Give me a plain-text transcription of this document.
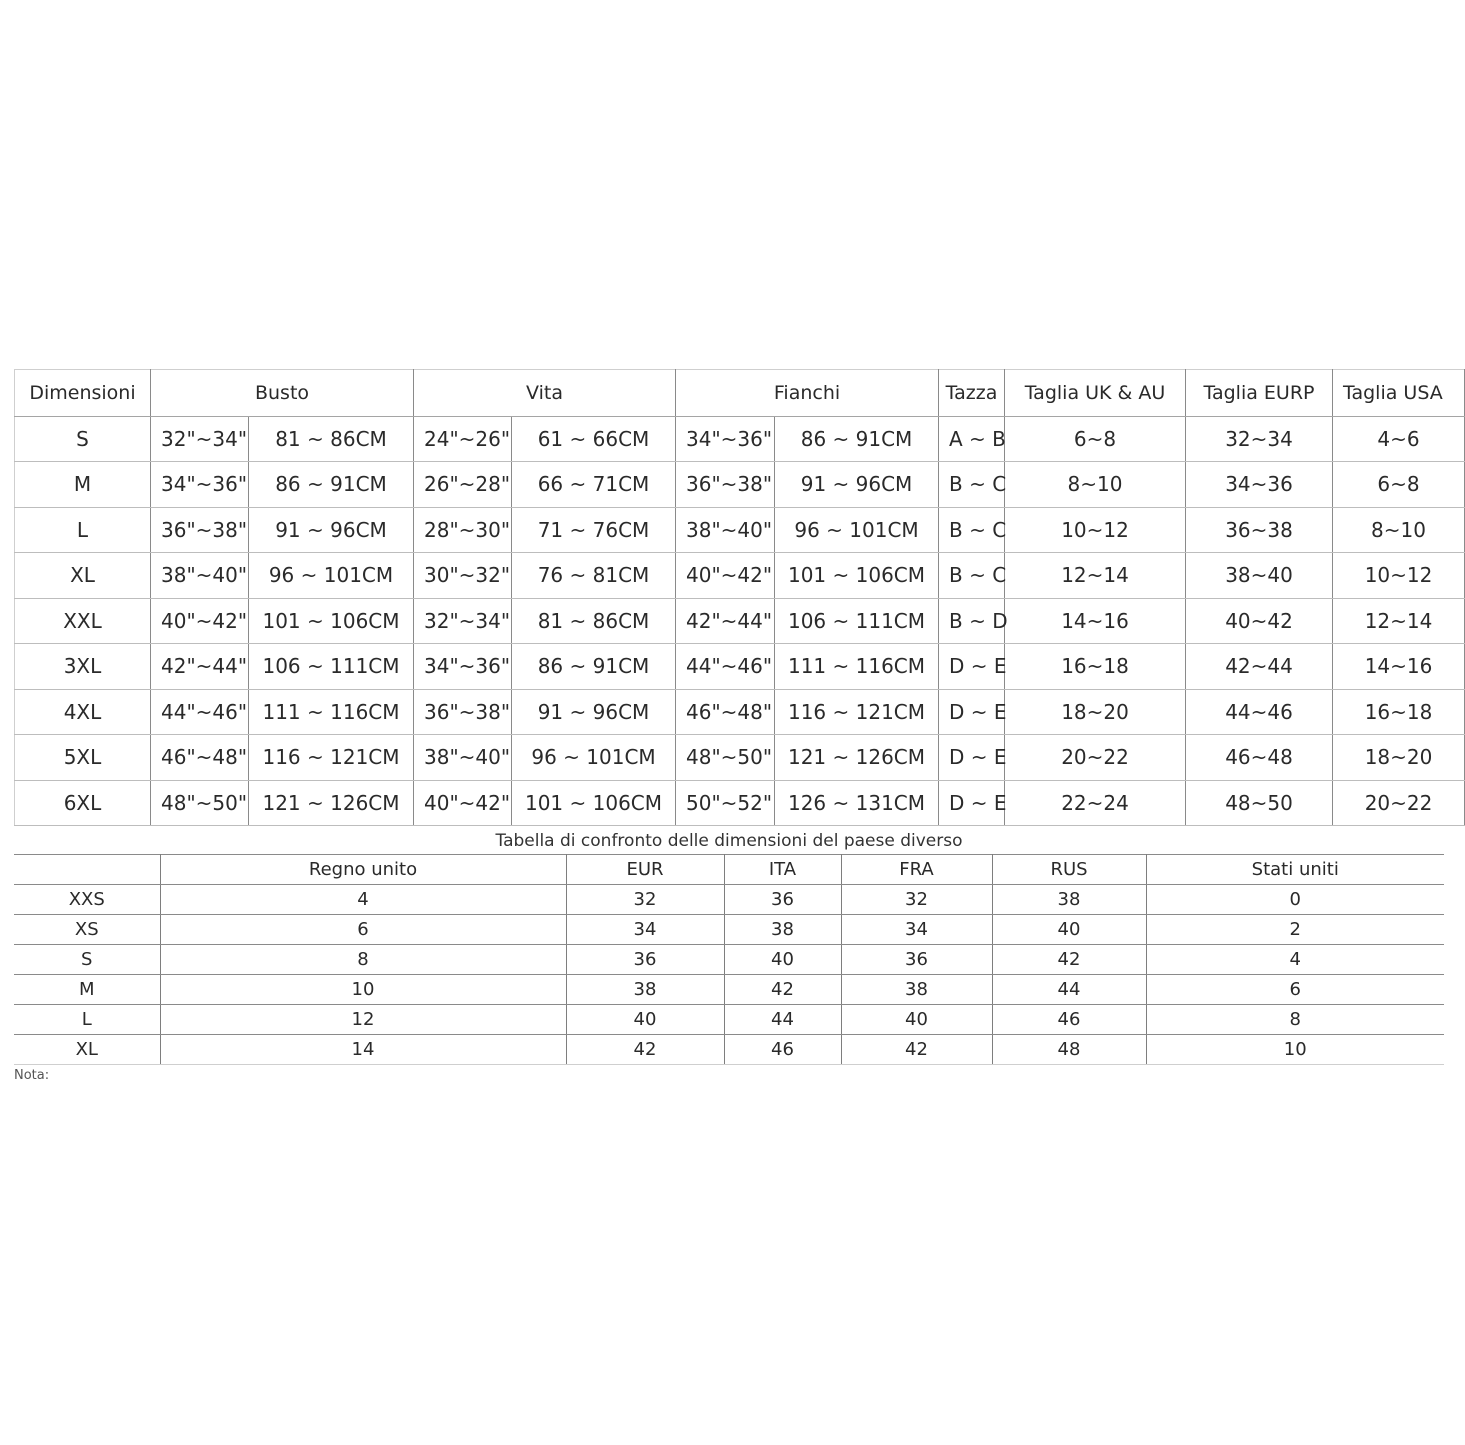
Dimensioni	Busto		Vita		Fianchi		Tazza	Taglia UK & AU	Taglia EURP	Taglia USA
S	32"~34"	81 ~ 86CM	24"~26"	61 ~ 66CM	34"~36"	86 ~ 91CM	A ~ B	6~8	32~34	4~6
M	34"~36"	86 ~ 91CM	26"~28"	66 ~ 71CM	36"~38"	91 ~ 96CM	B ~ C	8~10	34~36	6~8
L	36"~38"	91 ~ 96CM	28"~30"	71 ~ 76CM	38"~40"	96 ~ 101CM	B ~ C	10~12	36~38	8~10
XL	38"~40"	96 ~ 101CM	30"~32"	76 ~ 81CM	40"~42"	101 ~ 106CM	B ~ C	12~14	38~40	10~12
XXL	40"~42"	101 ~ 106CM	32"~34"	81 ~ 86CM	42"~44"	106 ~ 111CM	B ~ D	14~16	40~42	12~14
3XL	42"~44"	106 ~ 111CM	34"~36"	86 ~ 91CM	44"~46"	111 ~ 116CM	D ~ E	16~18	42~44	14~16
4XL	44"~46"	111 ~ 116CM	36"~38"	91 ~ 96CM	46"~48"	116 ~ 121CM	D ~ E	18~20	44~46	16~18
5XL	46"~48"	116 ~ 121CM	38"~40"	96 ~ 101CM	48"~50"	121 ~ 126CM	D ~ E	20~22	46~48	18~20
6XL	48"~50"	121 ~ 126CM	40"~42"	101 ~ 106CM	50"~52"	126 ~ 131CM	D ~ E	22~24	48~50	20~22
Tabella di confronto delle dimensioni del paese diverso
	Regno unito	EUR	ITA	FRA	RUS	Stati uniti
XXS	4	32	36	32	38	0
XS	6	34	38	34	40	2
S	8	36	40	36	42	4
M	10	38	42	38	44	6
L	12	40	44	40	46	8
XL	14	42	46	42	48	10
Nota:
